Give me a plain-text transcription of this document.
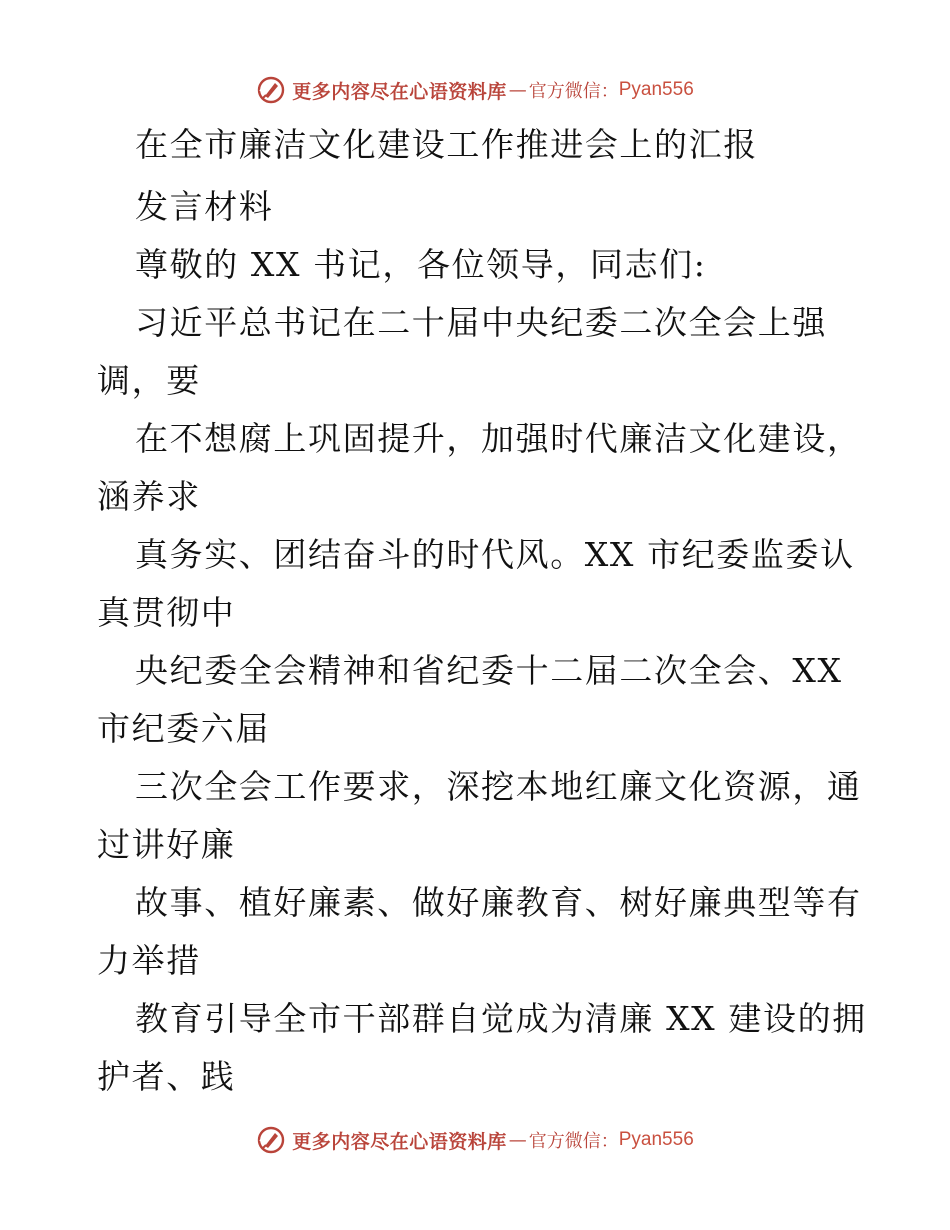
更多内容尽在心语资料库 — 官方微信： Pyan556
在全市廉洁文化建设工作推进会上的汇报
发言材料
尊敬的 XX 书记，各位领导，同志们:
习近平总书记在二十届中央纪委二次全会上强
调，要
在不想腐上巩固提升，加强时代廉洁文化建设，
涵养求
真务实、团结奋斗的时代风。XX 市纪委监委认
真贯彻中
央纪委全会精神和省纪委十二届二次全会、XX
市纪委六届
三次全会工作要求，深挖本地红廉文化资源，通
过讲好廉
故事、植好廉素、做好廉教育、树好廉典型等有
力举措
教育引导全市干部群自觉成为清廉 XX 建设的拥
护者、践
更多内容尽在心语资料库 — 官方微信： Pyan556
